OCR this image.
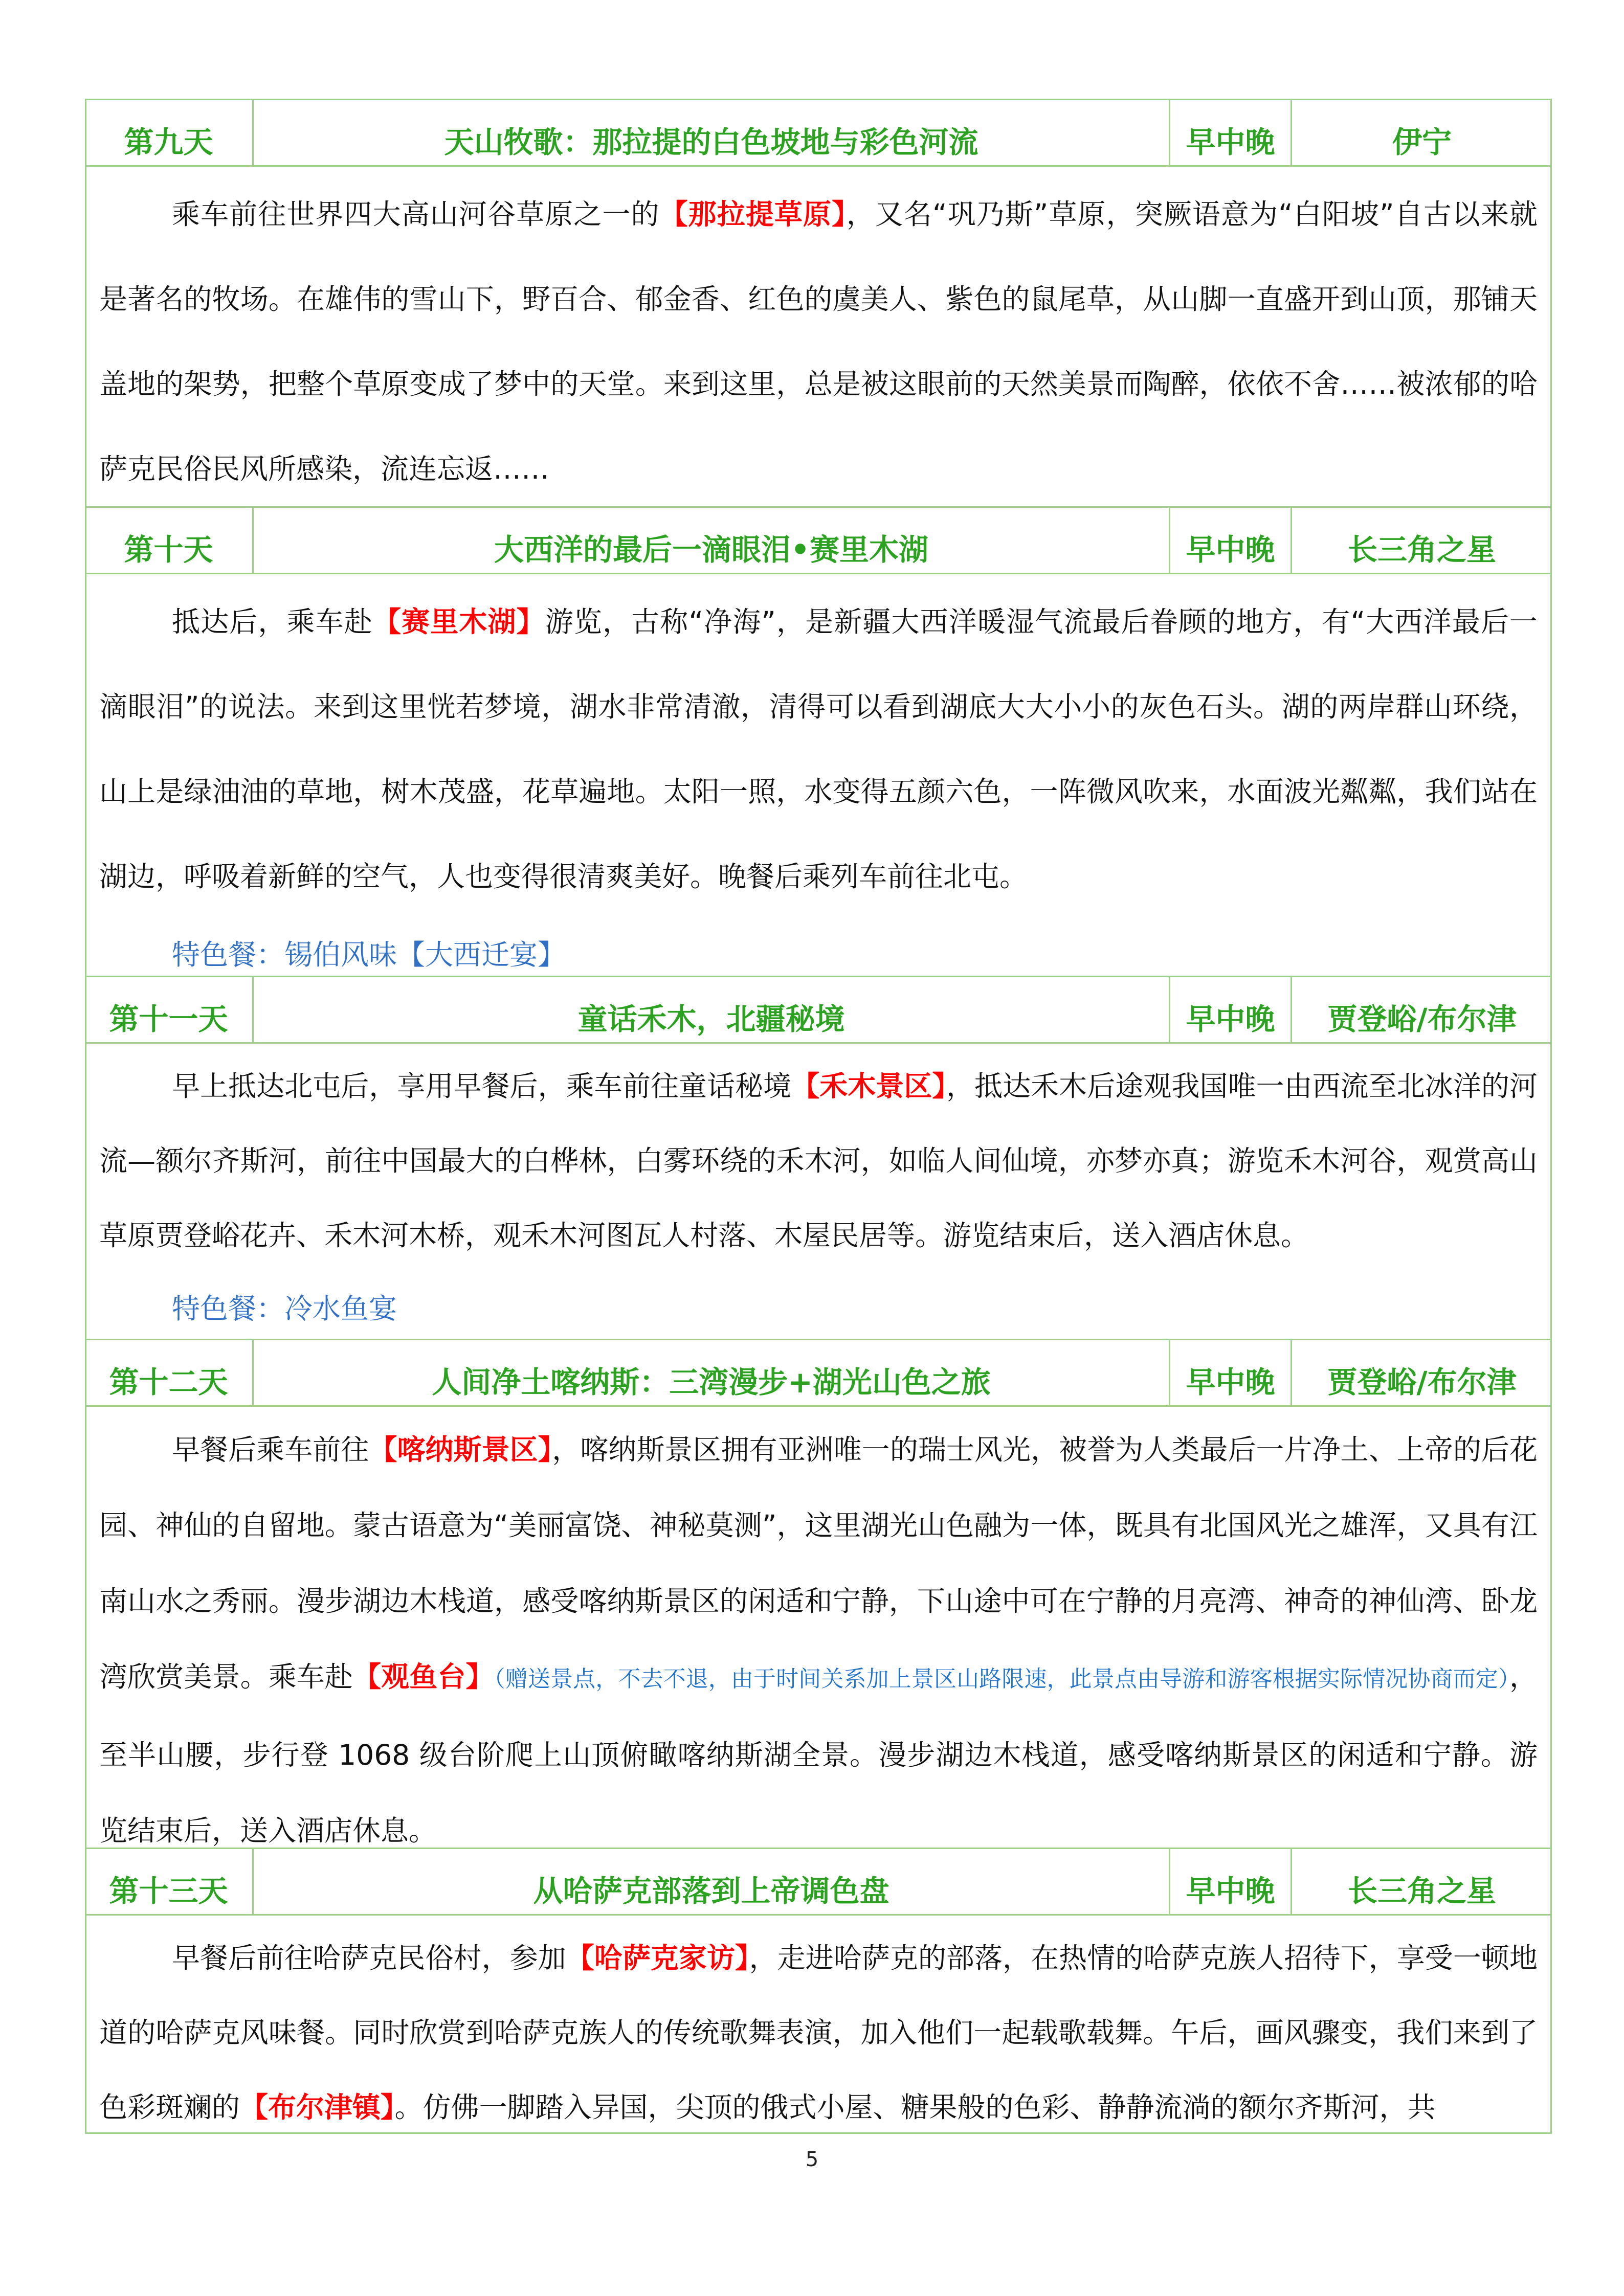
第九天	天山牧歌：那拉提的白色坡地与彩色河流	早中晚	伊宁

乘车前往世界四大高山河谷草原之一的【那拉提草原】，又名“巩乃斯”草原，突厥语意为“白阳坡”自古以来就是著名的牧场。在雄伟的雪山下，野百合、郁金香、红色的虞美人、紫色的鼠尾草，从山脚一直盛开到山顶，那铺天盖地的架势，把整个草原变成了梦中的天堂。来到这里，总是被这眼前的天然美景而陶醉，依依不舍……被浓郁的哈萨克民俗民风所感染，流连忘返……

第十天	大西洋的最后一滴眼泪•赛里木湖	早中晚	长三角之星

抵达后，乘车赴【赛里木湖】游览，古称“净海”，是新疆大西洋暖湿气流最后眷顾的地方，有“大西洋最后一滴眼泪”的说法。来到这里恍若梦境，湖水非常清澈，清得可以看到湖底大大小小的灰色石头。湖的两岸群山环绕，山上是绿油油的草地，树木茂盛，花草遍地。太阳一照，水变得五颜六色，一阵微风吹来，水面波光粼粼，我们站在湖边，呼吸着新鲜的空气，人也变得很清爽美好。晚餐后乘列车前往北屯。

特色餐：锡伯风味【大西迁宴】

第十一天	童话禾木，北疆秘境	早中晚	贾登峪/布尔津

早上抵达北屯后，享用早餐后，乘车前往童话秘境【禾木景区】，抵达禾木后途观我国唯一由西流至北冰洋的河流—额尔齐斯河，前往中国最大的白桦林，白雾环绕的禾木河，如临人间仙境，亦梦亦真；游览禾木河谷，观赏高山草原贾登峪花卉、禾木河木桥，观禾木河图瓦人村落、木屋民居等。游览结束后，送入酒店休息。

特色餐：冷水鱼宴

第十二天	人间净土喀纳斯：三湾漫步+湖光山色之旅	早中晚	贾登峪/布尔津

早餐后乘车前往【喀纳斯景区】，喀纳斯景区拥有亚洲唯一的瑞士风光，被誉为人类最后一片净土、上帝的后花园、神仙的自留地。蒙古语意为“美丽富饶、神秘莫测”，这里湖光山色融为一体，既具有北国风光之雄浑，又具有江南山水之秀丽。漫步湖边木栈道，感受喀纳斯景区的闲适和宁静，下山途中可在宁静的月亮湾、神奇的神仙湾、卧龙湾欣赏美景。乘车赴【观鱼台】（赠送景点，不去不退，由于时间关系加上景区山路限速，此景点由导游和游客根据实际情况协商而定），至半山腰，步行登 1068 级台阶爬上山顶俯瞰喀纳斯湖全景。漫步湖边木栈道，感受喀纳斯景区的闲适和宁静。游览结束后，送入酒店休息。

第十三天	从哈萨克部落到上帝调色盘	早中晚	长三角之星

早餐后前往哈萨克民俗村，参加【哈萨克家访】，走进哈萨克的部落，在热情的哈萨克族人招待下，享受一顿地道的哈萨克风味餐。同时欣赏到哈萨克族人的传统歌舞表演，加入他们一起载歌载舞。午后，画风骤变，我们来到了色彩斑斓的【布尔津镇】。仿佛一脚踏入异国，尖顶的俄式小屋、糖果般的色彩、静静流淌的额尔齐斯河，共

5
